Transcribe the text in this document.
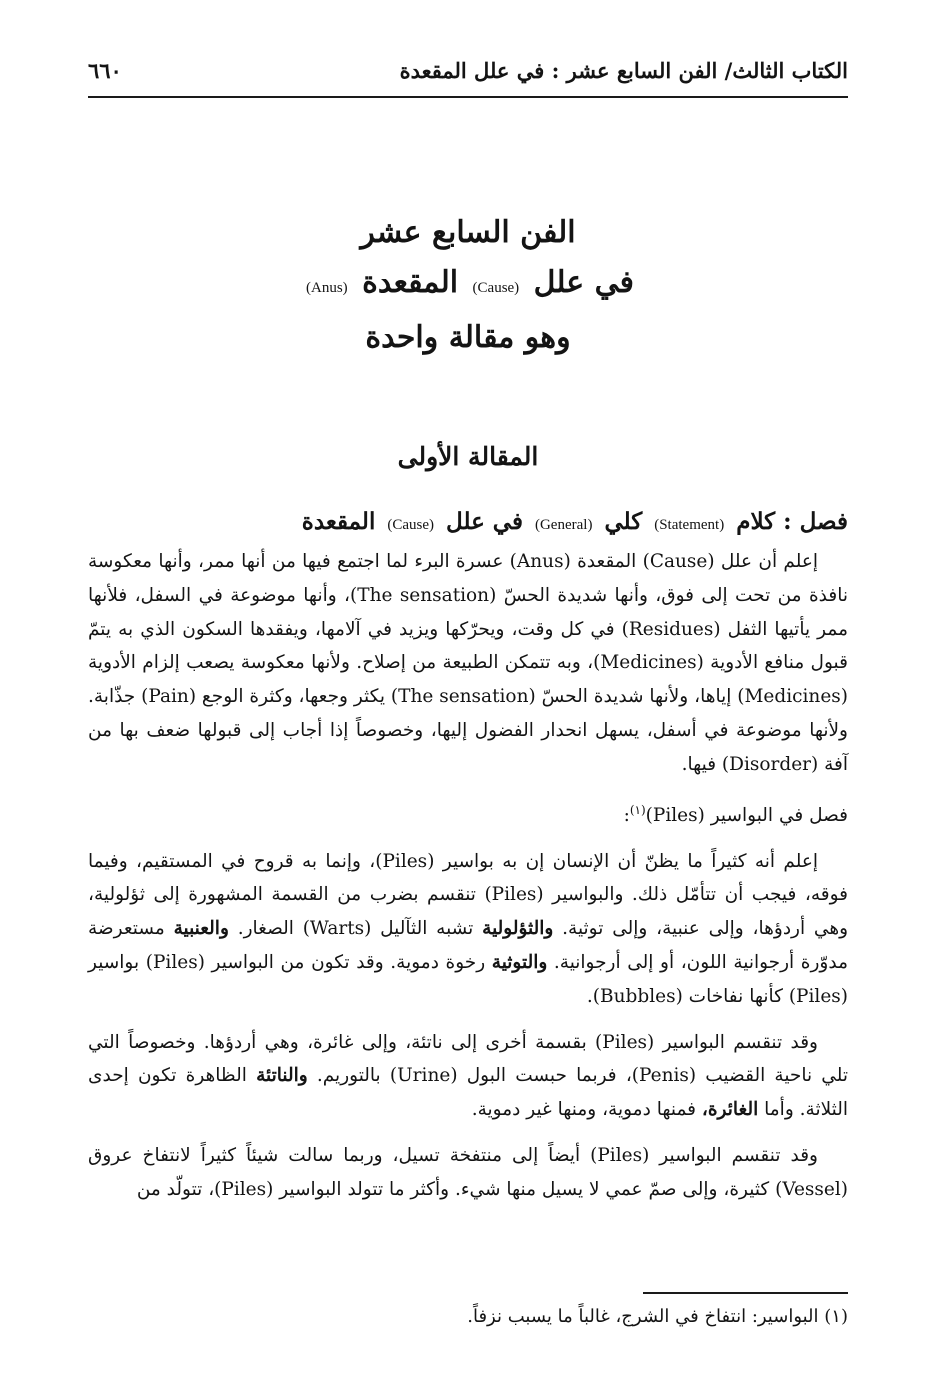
الكتاب الثالث/ الفن السابع عشر : في علل المقعدة
٦٦٠
الفن السابع عشر
في علل (Cause) المقعدة (Anus)
وهو مقالة واحدة
المقالة الأولى

فصل : كلام (Statement) كلي (General) في علل (Cause) المقعدة

إعلم أن علل (Cause) المقعدة (Anus) عسرة البرء لما اجتمع فيها من أنها ممر، وأنها معكوسة نافذة من تحت إلى فوق، وأنها شديدة الحسّ (The sensation)، وأنها موضوعة في السفل، فلأنها ممر يأتيها الثفل (Residues) في كل وقت، ويحرّكها ويزيد في آلامها، ويفقدها السكون الذي به يتمّ قبول منافع الأدوية (Medicines)، وبه تتمكن الطبيعة من إصلاح. ولأنها معكوسة يصعب إلزام الأدوية (Medicines) إياها، ولأنها شديدة الحسّ (The sensation) يكثر وجعها، وكثرة الوجع (Pain) جذّابة. ولأنها موضوعة في أسفل، يسهل انحدار الفضول إليها، وخصوصاً إذا أجاب إلى قبولها ضعف بها من آفة (Disorder) فيها.

فصل في البواسير (Piles)$^{(١)}$:

إعلم أنه كثيراً ما يظنّ أن الإنسان إن به بواسير (Piles)، وإنما به قروح في المستقيم، وفيما فوقه، فيجب أن تتأمّل ذلك. والبواسير (Piles) تنقسم بضرب من القسمة المشهورة إلى ثؤلولية، وهي أردؤها، وإلى عنبية، وإلى توثية. والثؤلولية تشبه الثآليل (Warts) الصغار. والعنبية مستعرضة مدوّرة أرجوانية اللون، أو إلى أرجوانية. والتوثية رخوة دموية. وقد تكون من البواسير (Piles) بواسير (Piles) كأنها نفاخات (Bubbles).

وقد تنقسم البواسير (Piles) بقسمة أخرى إلى ناتئة، وإلى غائرة، وهي أردؤها. وخصوصاً التي تلي ناحية القضيب (Penis)، فربما حبست البول (Urine) بالتوريم. والناتئة الظاهرة تكون إحدى الثلاثة. وأما الغائرة، فمنها دموية، ومنها غير دموية.

وقد تنقسم البواسير (Piles) أيضاً إلى منتفخة تسيل، وربما سالت شيئاً كثيراً لانتفاخ عروق (Vessel) كثيرة، وإلى صمّ عمي لا يسيل منها شيء. وأكثر ما تتولد البواسير (Piles)، تتولّد من

(١) البواسير: انتفاخ في الشرج، غالباً ما يسبب نزفاً.
